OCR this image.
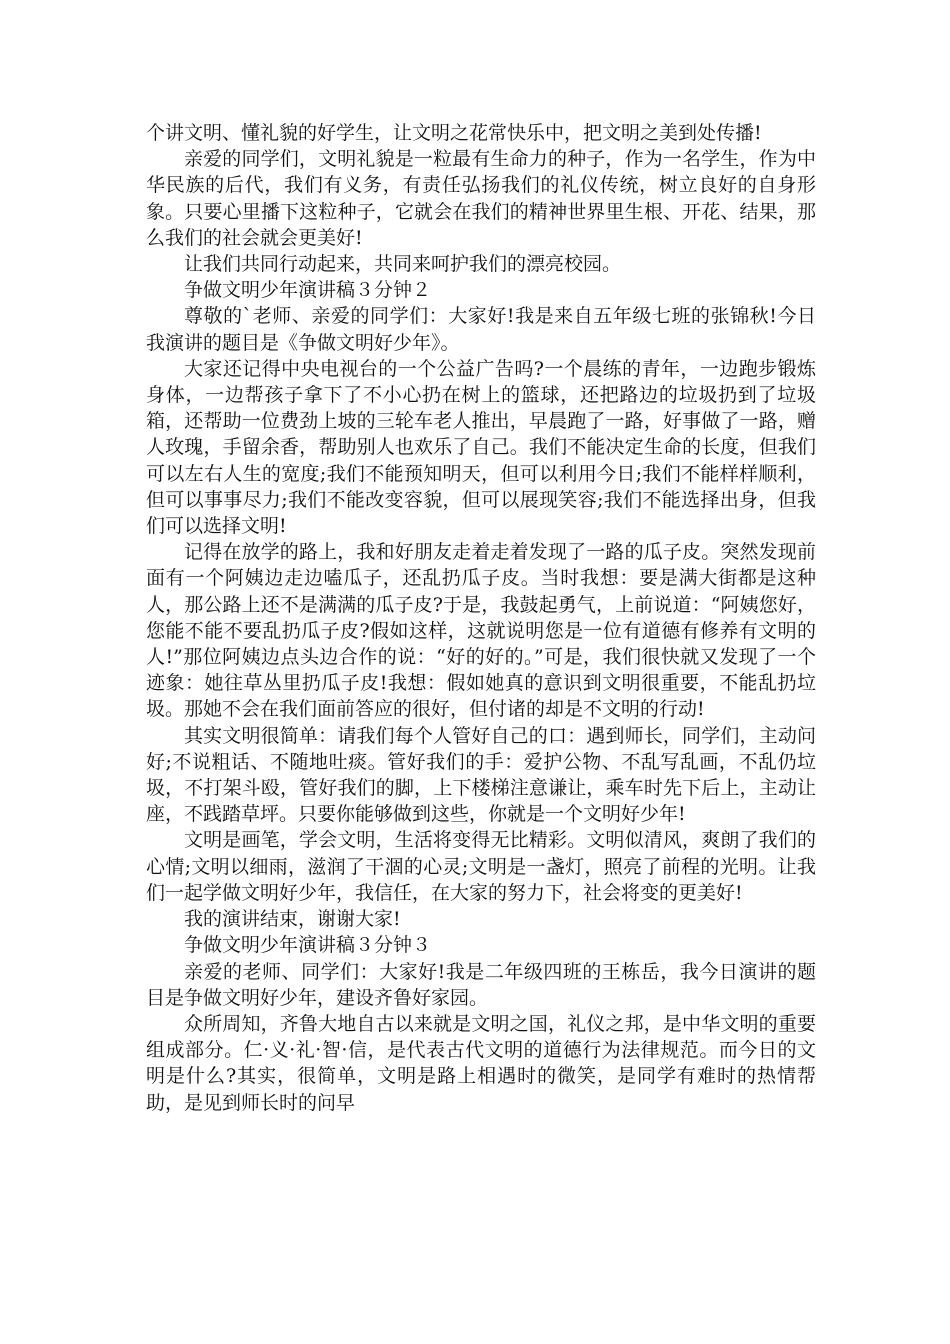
个讲文明、懂礼貌的好学生，让文明之花常快乐中，把文明之美到处传播!

亲爱的同学们，文明礼貌是一粒最有生命力的种子，作为一名学生，作为中华民族的后代，我们有义务，有责任弘扬我们的礼仪传统，树立良好的自身形象。只要心里播下这粒种子，它就会在我们的精神世界里生根、开花、结果，那么我们的社会就会更美好!

让我们共同行动起来，共同来呵护我们的漂亮校园。

争做文明少年演讲稿３分钟２

尊敬的`老师、亲爱的同学们：大家好!我是来自五年级七班的张锦秋!今日我演讲的题目是《争做文明好少年》。

大家还记得中央电视台的一个公益广告吗?一个晨练的青年，一边跑步锻炼身体，一边帮孩子拿下了不小心扔在树上的篮球，还把路边的垃圾扔到了垃圾箱，还帮助一位费劲上坡的三轮车老人推出，早晨跑了一路，好事做了一路，赠人玫瑰，手留余香，帮助别人也欢乐了自己。我们不能决定生命的长度，但我们可以左右人生的宽度;我们不能预知明天，但可以利用今日;我们不能样样顺利，但可以事事尽力;我们不能改变容貌，但可以展现笑容;我们不能选择出身，但我们可以选择文明!

记得在放学的路上，我和好朋友走着走着发现了一路的瓜子皮。突然发现前面有一个阿姨边走边嗑瓜子，还乱扔瓜子皮。当时我想：要是满大街都是这种人，那公路上还不是满满的瓜子皮?于是，我鼓起勇气，上前说道：“阿姨您好，您能不能不要乱扔瓜子皮?假如这样，这就说明您是一位有道德有修养有文明的人!”那位阿姨边点头边合作的说：“好的好的。”可是，我们很快就又发现了一个迹象：她往草丛里扔瓜子皮!我想：假如她真的意识到文明很重要，不能乱扔垃圾。那她不会在我们面前答应的很好，但付诸的却是不文明的行动!

其实文明很简单：请我们每个人管好自己的口：遇到师长，同学们，主动问好;不说粗话、不随地吐痰。管好我们的手：爱护公物、不乱写乱画，不乱仍垃圾，不打架斗殴，管好我们的脚，上下楼梯注意谦让，乘车时先下后上，主动让座，不践踏草坪。只要你能够做到这些，你就是一个文明好少年!

文明是画笔，学会文明，生活将变得无比精彩。文明似清风，爽朗了我们的心情;文明以细雨，滋润了干涸的心灵;文明是一盏灯，照亮了前程的光明。让我们一起学做文明好少年，我信任，在大家的努力下，社会将变的更美好!

我的演讲结束，谢谢大家!

争做文明少年演讲稿３分钟３

亲爱的老师、同学们：大家好!我是二年级四班的王栋岳，我今日演讲的题目是争做文明好少年，建设齐鲁好家园。

众所周知，齐鲁大地自古以来就是文明之国，礼仪之邦，是中华文明的重要组成部分。仁·义·礼·智·信，是代表古代文明的道德行为法律规范。而今日的文明是什么?其实，很简单，文明是路上相遇时的微笑，是同学有难时的热情帮助，是见到师长时的问早
